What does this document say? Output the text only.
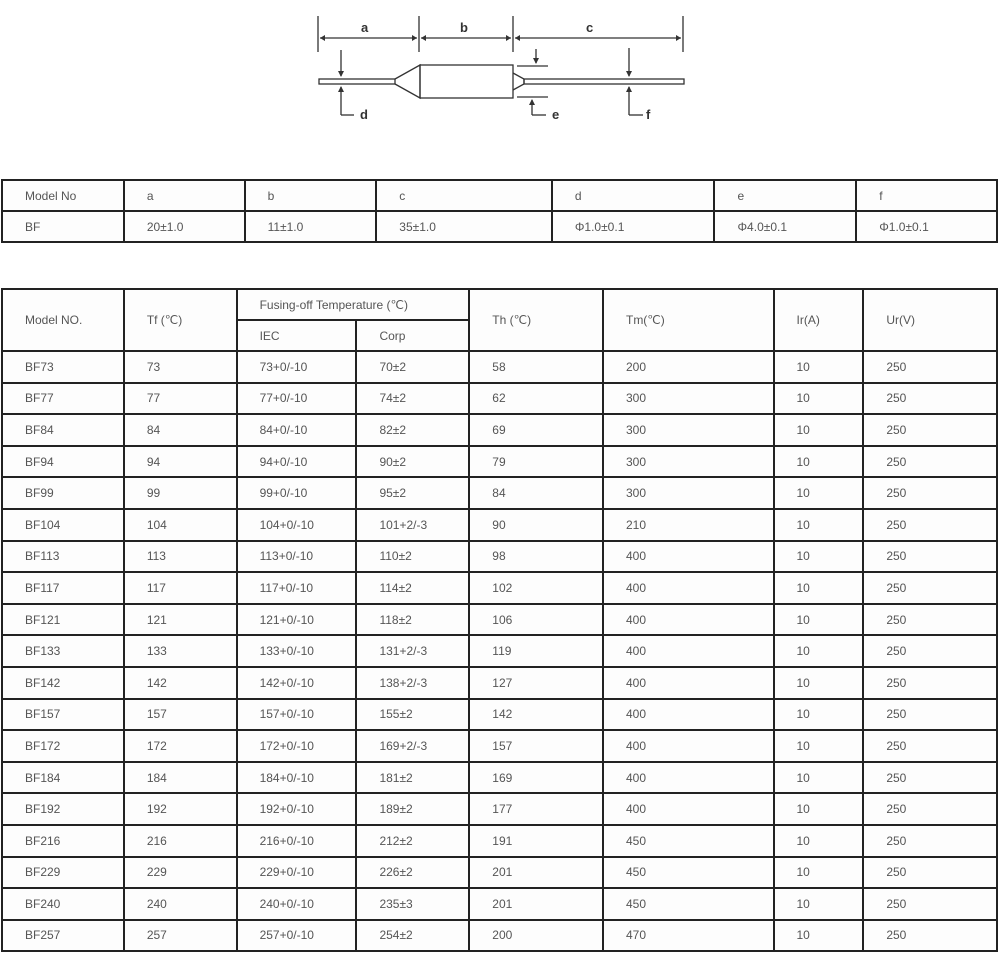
a	b	c
d	e	f
Model No	a	b	c	d	e	f
BF	20±1.0	11±1.0	35±1.0	Φ1.0±0.1	Φ4.0±0.1	Φ1.0±0.1
Model NO.	Tf (℃)	Fusing-off Temperature (℃)		Th (℃)	Tm(℃)	Ir(A)	Ur(V)
		IEC	Corp				
BF73	73	73+0/-10	70±2	58	200	10	250
BF77	77	77+0/-10	74±2	62	300	10	250
BF84	84	84+0/-10	82±2	69	300	10	250
BF94	94	94+0/-10	90±2	79	300	10	250
BF99	99	99+0/-10	95±2	84	300	10	250
BF104	104	104+0/-10	101+2/-3	90	210	10	250
BF113	113	113+0/-10	110±2	98	400	10	250
BF117	117	117+0/-10	114±2	102	400	10	250
BF121	121	121+0/-10	118±2	106	400	10	250
BF133	133	133+0/-10	131+2/-3	119	400	10	250
BF142	142	142+0/-10	138+2/-3	127	400	10	250
BF157	157	157+0/-10	155±2	142	400	10	250
BF172	172	172+0/-10	169+2/-3	157	400	10	250
BF184	184	184+0/-10	181±2	169	400	10	250
BF192	192	192+0/-10	189±2	177	400	10	250
BF216	216	216+0/-10	212±2	191	450	10	250
BF229	229	229+0/-10	226±2	201	450	10	250
BF240	240	240+0/-10	235±3	201	450	10	250
BF257	257	257+0/-10	254±2	200	470	10	250
